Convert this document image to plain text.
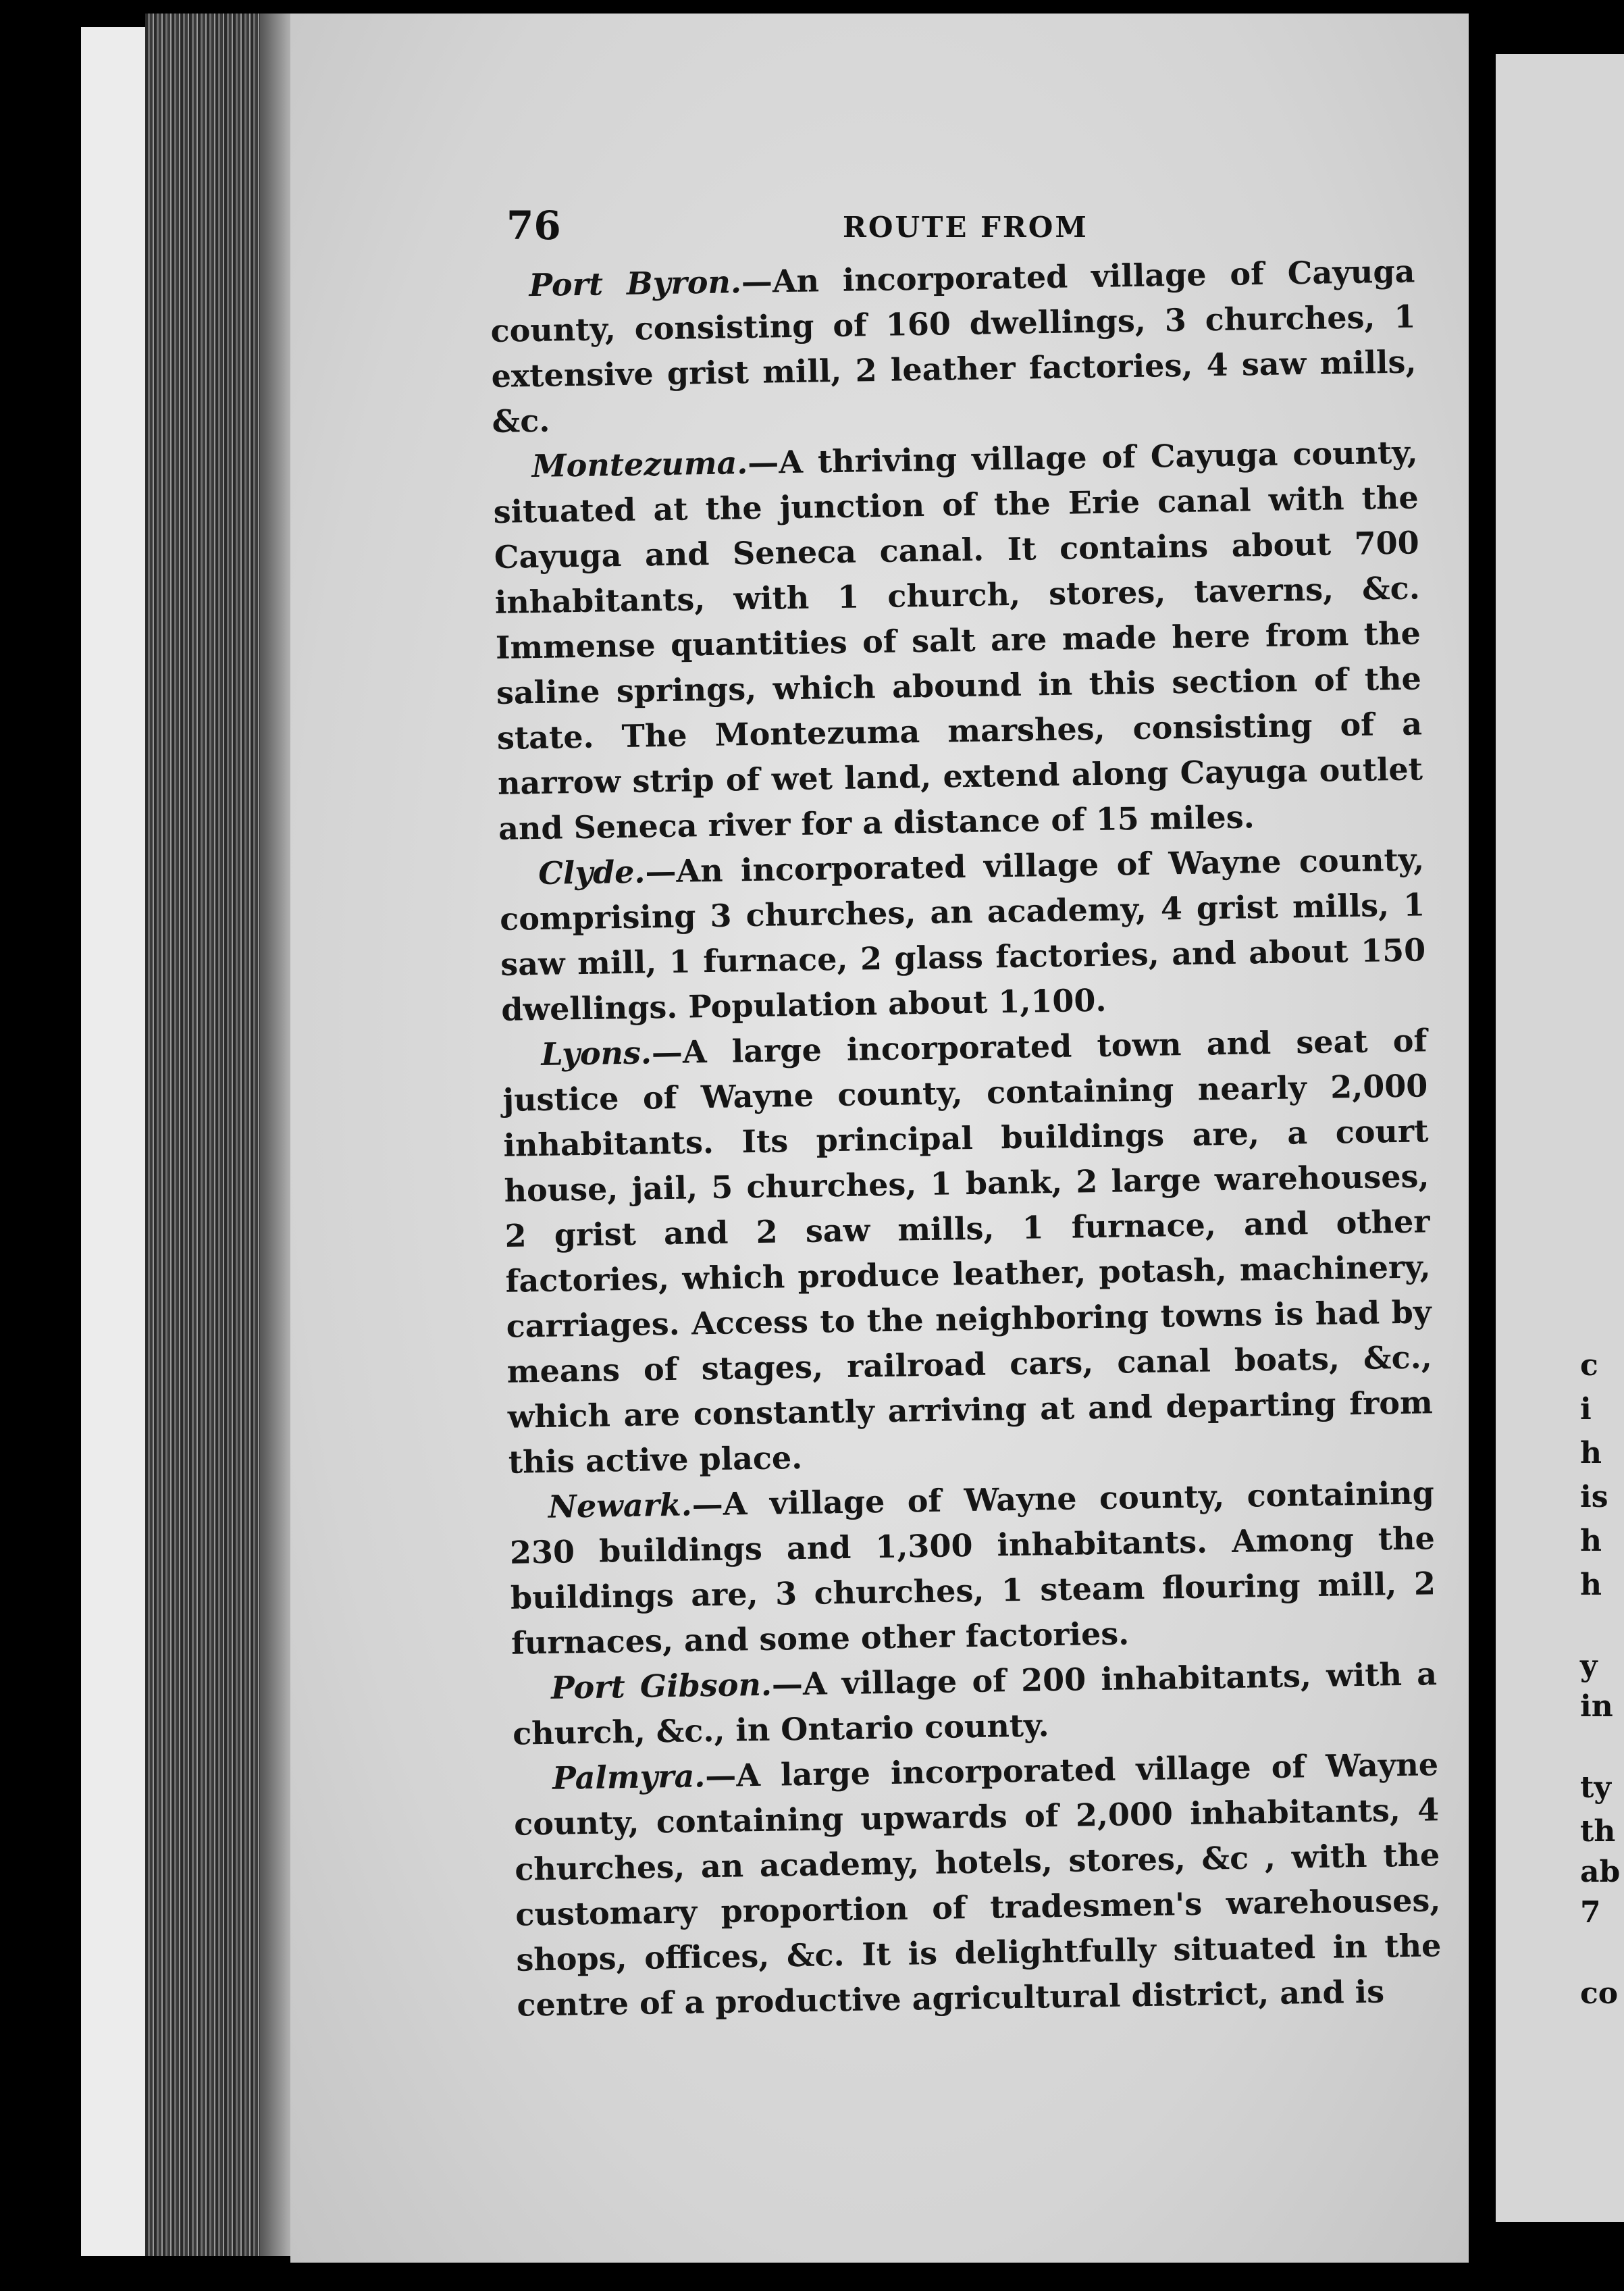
76	ROUTE FROM

Port Byron.—An incorporated village of Cayuga county, consisting of 160 dwellings, 3 churches, 1 extensive grist mill, 2 leather factories, 4 saw mills, &c.

Montezuma.—A thriving village of Cayuga county, situated at the junction of the Erie canal with the Cayuga and Seneca canal. It contains about 700 inhabitants, with 1 church, stores, taverns, &c. Immense quantities of salt are made here from the saline springs, which abound in this section of the state. The Montezuma marshes, consisting of a narrow strip of wet land, extend along Cayuga outlet and Seneca river for a distance of 15 miles.

Clyde.—An incorporated village of Wayne county, comprising 3 churches, an academy, 4 grist mills, 1 saw mill, 1 furnace, 2 glass factories, and about 150 dwellings. Population about 1,100.

Lyons.—A large incorporated town and seat of justice of Wayne county, containing nearly 2,000 inhabitants. Its principal buildings are, a court house, jail, 5 churches, 1 bank, 2 large warehouses, 2 grist and 2 saw mills, 1 furnace, and other factories, which produce leather, potash, machinery, carriages. Access to the neighboring towns is had by means of stages, railroad cars, canal boats, &c., which are constantly arriving at and departing from this active place.

Newark.—A village of Wayne county, containing 230 buildings and 1,300 inhabitants. Among the buildings are, 3 churches, 1 steam flouring mill, 2 furnaces, and some other factories.

Port Gibson.—A village of 200 inhabitants, with a church, &c., in Ontario county.

Palmyra.—A large incorporated village of Wayne county, containing upwards of 2,000 inhabitants, 4 churches, an academy, hotels, stores, &c , with the customary proportion of tradesmen's warehouses, shops, offices, &c. It is delightfully situated in the centre of a productive agricultural district, and is

c
i
h
is
h
h
y
in
ty
th
ab
7
co
